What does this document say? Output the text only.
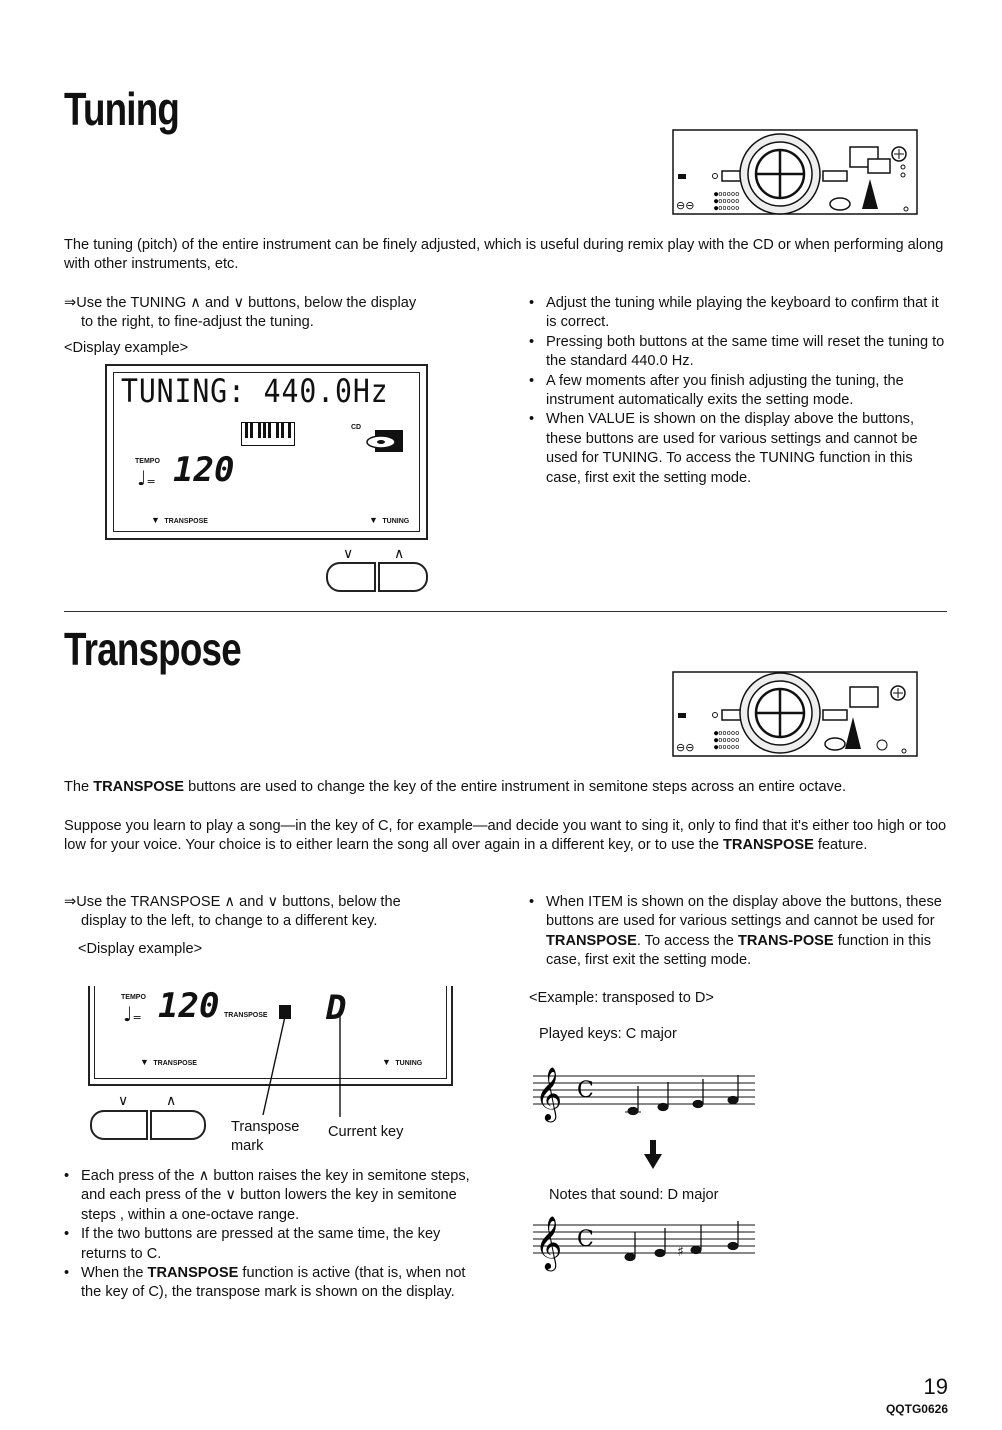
Tuning
⊖⊖
●ooooo
●ooooo
●ooooo
The tuning (pitch) of the entire instrument can be finely adjusted, which is useful during remix play with the CD or when performing along with other instruments, etc.
⇒Use the TUNING ∧ and ∨ buttons, below the display
to the right, to fine-adjust the tuning.
<Display example>
TUNING: 440.0Hz
CD
TEMPO
♩= 120
▼ TRANSPOSE	▼ TUNING
∨	∧
• Adjust the tuning while playing the keyboard to confirm that it is correct.
• Pressing both buttons at the same time will reset the tuning to the standard 440.0 Hz.
• A few moments after you finish adjusting the tuning, the instrument automatically exits the setting mode.
• When VALUE is shown on the display above the buttons, these buttons are used for various settings and cannot be used for TUNING. To access the TUNING function in this case, first exit the setting mode.
Transpose
⊖⊖
●ooooo
●ooooo
●ooooo
The TRANSPOSE buttons are used to change the key of the entire instrument in semitone steps across an entire octave.
Suppose you learn to play a song—in the key of C, for example—and decide you want to sing it, only to find that it's either too high or too low for your voice. Your choice is to either learn the song all over again in a different key, or to use the TRANSPOSE feature.
⇒Use the TRANSPOSE ∧ and ∨ buttons, below the
display to the left, to change to a different key.
<Display example>
TEMPO
♩= 120 TRANSPOSE D
▼ TRANSPOSE	▼ TUNING
∨	∧
Transpose mark
Current key
• Each press of the ∧ button raises the key in semitone steps, and each press of the ∨ button lowers the key in semitone steps , within a one-octave range.
• If the two buttons are pressed at the same time, the key returns to C.
• When the TRANSPOSE function is active (that is, when not the key of C), the transpose mark is shown on the display.
• When ITEM is shown on the display above the buttons, these buttons are used for various settings and cannot be used for TRANSPOSE. To access the TRANS-POSE function in this case, first exit the setting mode.
<Example: transposed to D>
Played keys: C major
𝄞 C
Notes that sound: D major
𝄞 C	♯
19
QQTG0626
